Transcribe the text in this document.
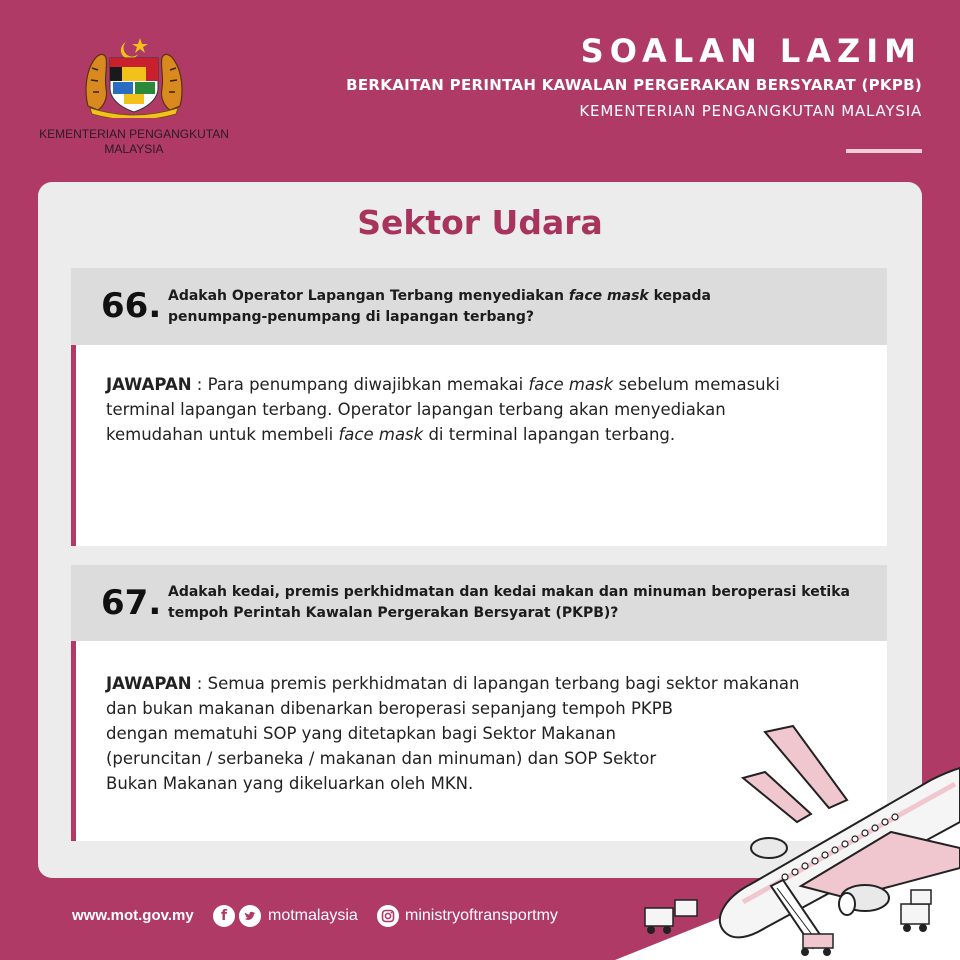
KEMENTERIAN PENGANGKUTAN
MALAYSIA
SOALAN LAZIM
BERKAITAN PERINTAH KAWALAN PERGERAKAN BERSYARAT (PKPB)
KEMENTERIAN PENGANGKUTAN MALAYSIA
Sektor Udara
66. Adakah Operator Lapangan Terbang menyediakan face mask kepada
penumpang-penumpang di lapangan terbang?
JAWAPAN : Para penumpang diwajibkan memakai face mask sebelum memasuki
terminal lapangan terbang. Operator lapangan terbang akan menyediakan
kemudahan untuk membeli face mask di terminal lapangan terbang.
67. Adakah kedai, premis perkhidmatan dan kedai makan dan minuman beroperasi ketika
tempoh Perintah Kawalan Pergerakan Bersyarat (PKPB)?
JAWAPAN : Semua premis perkhidmatan di lapangan terbang bagi sektor makanan
dan bukan makanan dibenarkan beroperasi sepanjang tempoh PKPB
dengan mematuhi SOP yang ditetapkan bagi Sektor Makanan
(peruncitan / serbaneka / makanan dan minuman) dan SOP Sektor
Bukan Makanan yang dikeluarkan oleh MKN.
www.mot.gov.my	f	motmalaysia	ministryoftransportmy
